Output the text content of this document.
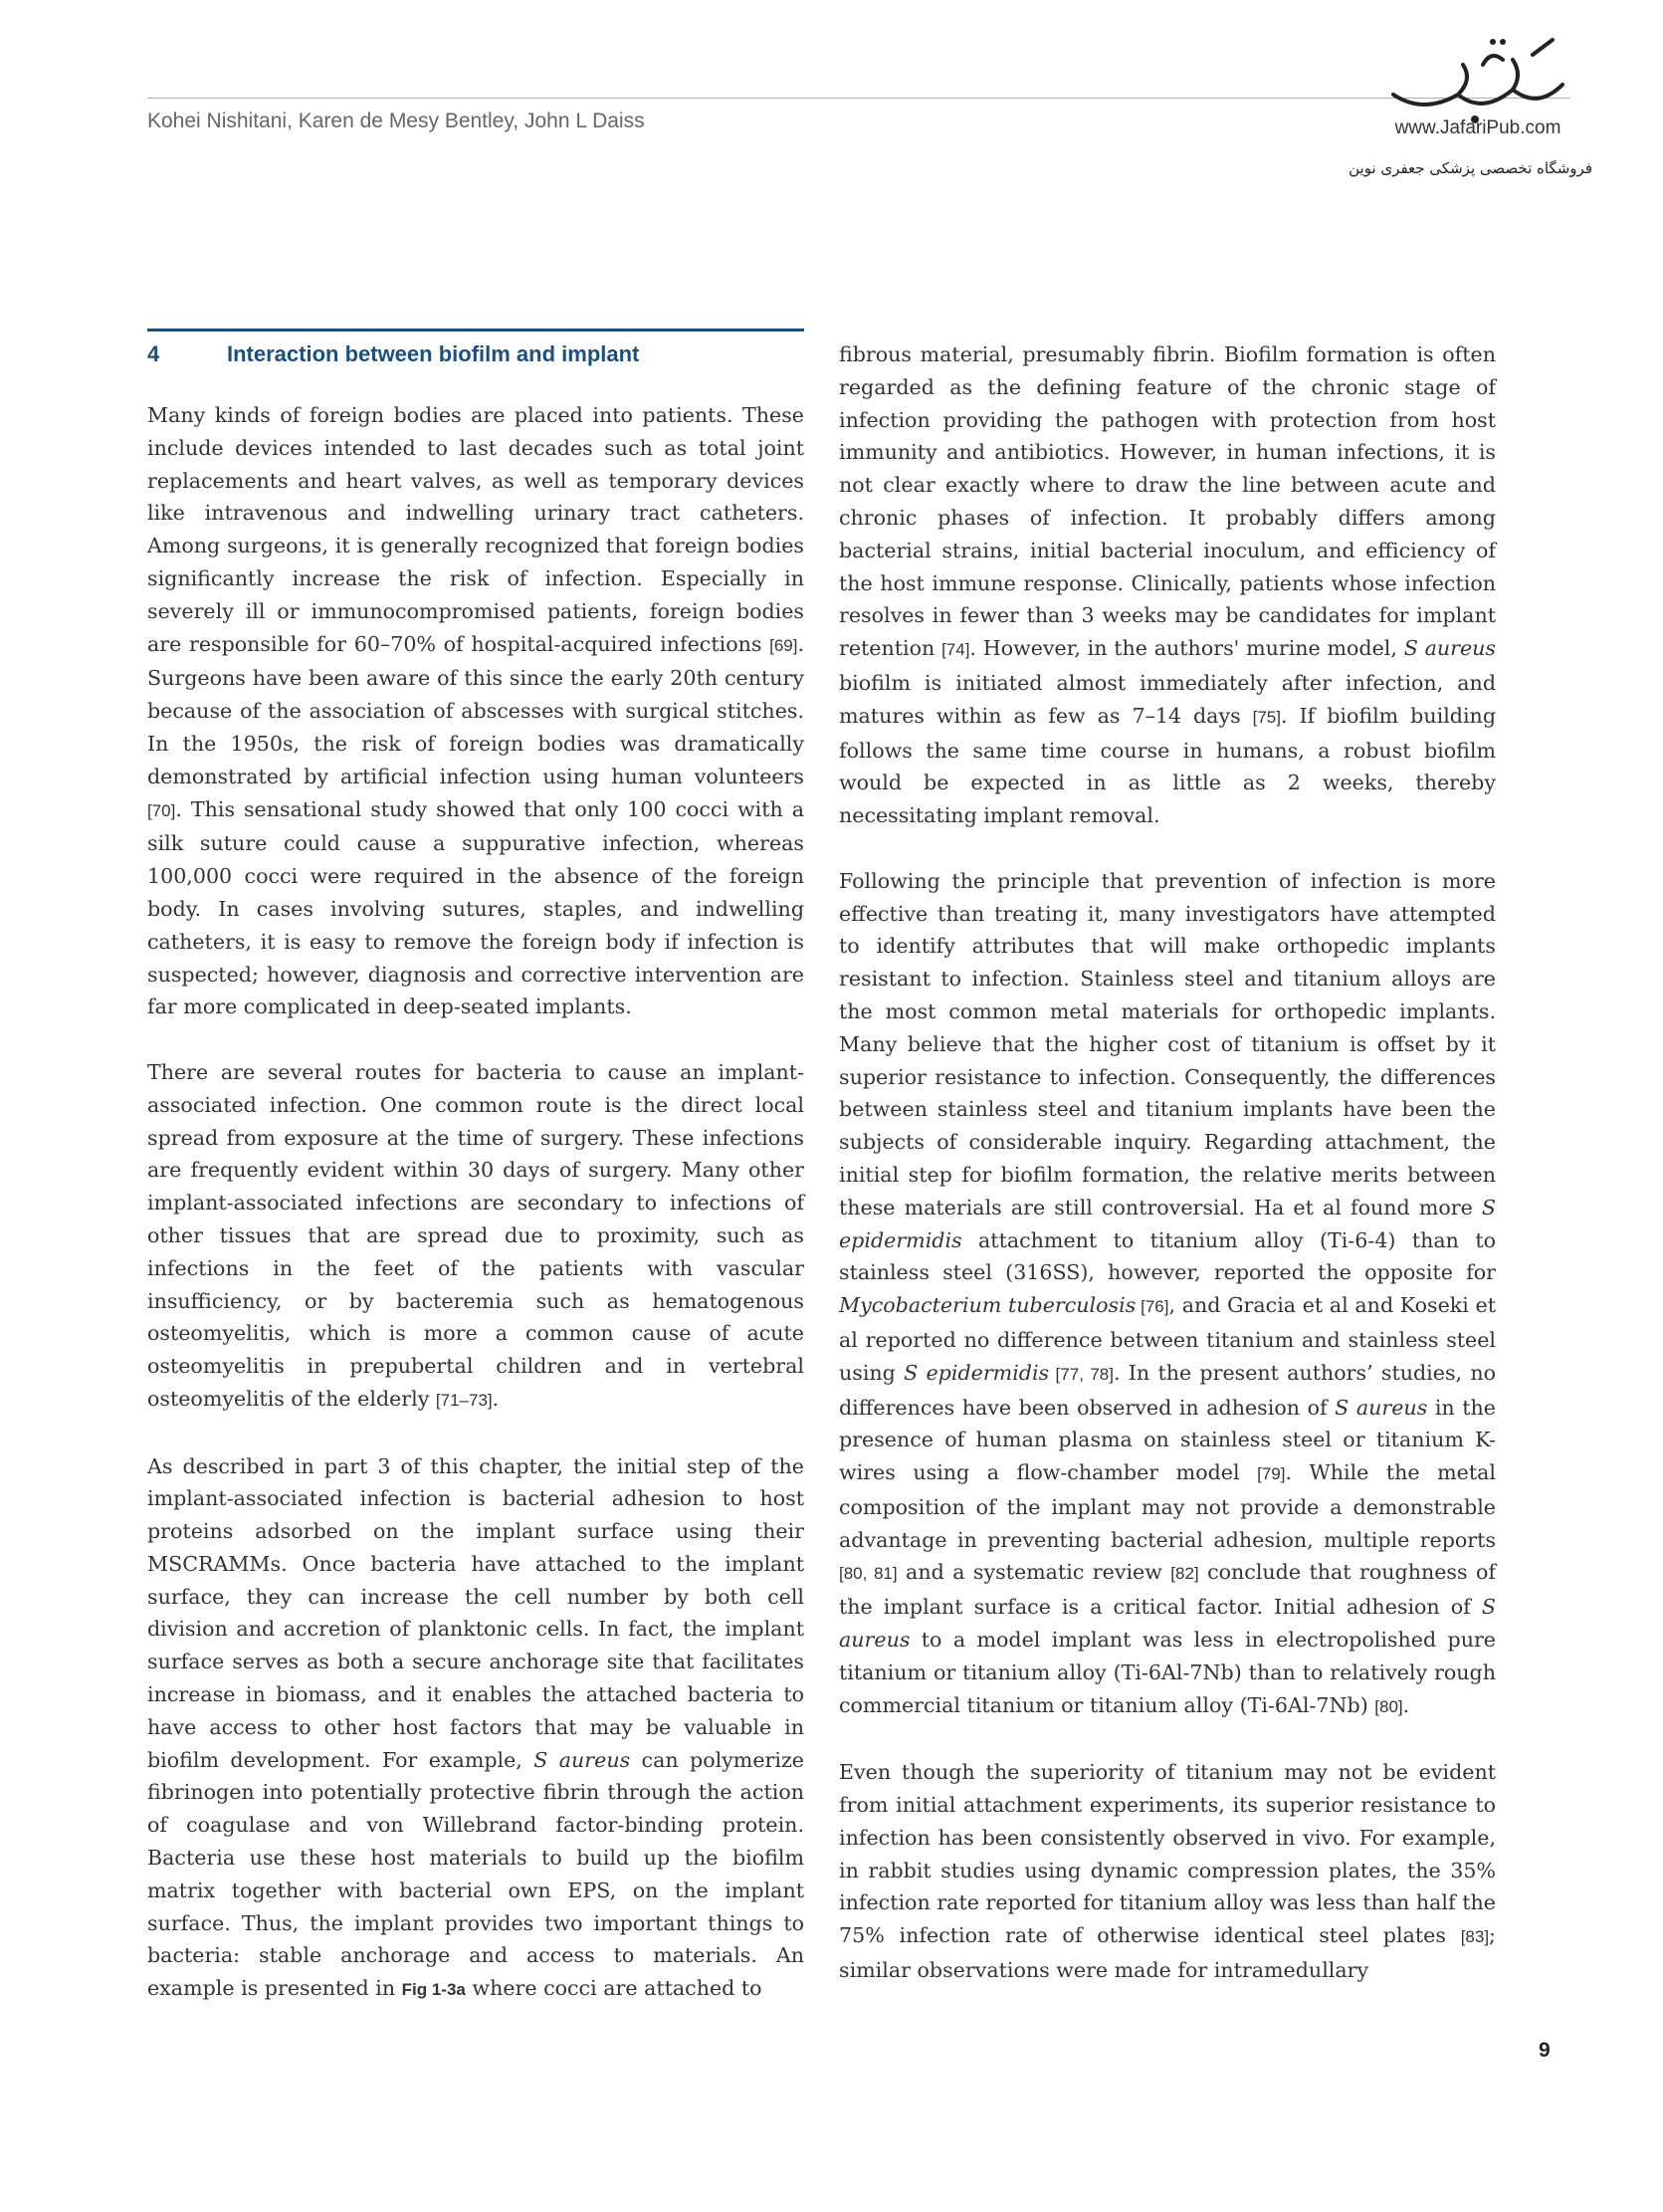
Kohei Nishitani, Karen de Mesy Bentley, John L Daiss	www.JafariPub.com
فروشگاه تخصصی پزشکی جعفری نوین
4	Interaction between biofilm and implant

Many kinds of foreign bodies are placed into patients. These include devices intended to last decades such as total joint replacements and heart valves, as well as temporary devices like intravenous and indwelling urinary tract catheters. Among surgeons, it is generally recognized that foreign bodies significantly increase the risk of infection. Especially in severely ill or immunocompromised patients, foreign bodies are responsible for 60–70% of hospital-acquired infections [69]. Surgeons have been aware of this since the early 20th century because of the association of abscesses with surgical stitches. In the 1950s, the risk of foreign bodies was dramatically demonstrated by artificial infection using human volunteers [70]. This sensational study showed that only 100 cocci with a silk suture could cause a suppurative infection, whereas 100,000 cocci were required in the absence of the foreign body. In cases involving sutures, staples, and indwelling catheters, it is easy to remove the foreign body if infection is suspected; however, diagnosis and corrective intervention are far more complicated in deep-seated implants.

There are several routes for bacteria to cause an implant-associated infection. One common route is the direct local spread from exposure at the time of surgery. These infections are frequently evident within 30 days of surgery. Many other implant-associated infections are secondary to infections of other tissues that are spread due to proximity, such as infections in the feet of the patients with vascular insufficiency, or by bacteremia such as hematogenous osteomyelitis, which is more a common cause of acute osteomyelitis in prepubertal children and in vertebral osteomyelitis of the elderly [71–73].

As described in part 3 of this chapter, the initial step of the implant-associated infection is bacterial adhesion to host proteins adsorbed on the implant surface using their MSCRAMMs. Once bacteria have attached to the implant surface, they can increase the cell number by both cell division and accretion of planktonic cells. In fact, the implant surface serves as both a secure anchorage site that facilitates increase in biomass, and it enables the attached bacteria to have access to other host factors that may be valuable in biofilm development. For example, S aureus can polymerize fibrinogen into potentially protective fibrin through the action of coagulase and von Willebrand factor-binding protein. Bacteria use these host materials to build up the biofilm matrix together with bacterial own EPS, on the implant surface. Thus, the implant provides two important things to bacteria: stable anchorage and access to materials. An example is presented in Fig 1-3a where cocci are attached to

fibrous material, presumably fibrin. Biofilm formation is often regarded as the defining feature of the chronic stage of infection providing the pathogen with protection from host immunity and antibiotics. However, in human infections, it is not clear exactly where to draw the line between acute and chronic phases of infection. It probably differs among bacterial strains, initial bacterial inoculum, and efficiency of the host immune response. Clinically, patients whose infection resolves in fewer than 3 weeks may be candidates for implant retention [74]. However, in the authors' murine model, S aureus biofilm is initiated almost immediately after infection, and matures within as few as 7–14 days [75]. If biofilm building follows the same time course in humans, a robust biofilm would be expected in as little as 2 weeks, thereby necessitating implant removal.

Following the principle that prevention of infection is more effective than treating it, many investigators have attempted to identify attributes that will make orthopedic implants resistant to infection. Stainless steel and titanium alloys are the most common metal materials for orthopedic implants. Many believe that the higher cost of titanium is offset by it superior resistance to infection. Consequently, the differences between stainless steel and titanium implants have been the subjects of considerable inquiry. Regarding attachment, the initial step for biofilm formation, the relative merits between these materials are still controversial. Ha et al found more S epidermidis attachment to titanium alloy (Ti-6-4) than to stainless steel (316SS), however, reported the opposite for Mycobacterium tuberculosis [76], and Gracia et al and Koseki et al reported no difference between titanium and stainless steel using S epidermidis [77, 78]. In the present authors’ studies, no differences have been observed in adhesion of S aureus in the presence of human plasma on stainless steel or titanium K-wires using a flow-chamber model [79]. While the metal composition of the implant may not provide a demonstrable advantage in preventing bacterial adhesion, multiple reports [80, 81] and a systematic review [82] conclude that roughness of the implant surface is a critical factor. Initial adhesion of S aureus to a model implant was less in electropolished pure titanium or titanium alloy (Ti-6Al-7Nb) than to relatively rough commercial titanium or titanium alloy (Ti-6Al-7Nb) [80].

Even though the superiority of titanium may not be evident from initial attachment experiments, its superior resistance to infection has been consistently observed in vivo. For example, in rabbit studies using dynamic compression plates, the 35% infection rate reported for titanium alloy was less than half the 75% infection rate of otherwise identical steel plates [83]; similar observations were made for intramedullary

9
